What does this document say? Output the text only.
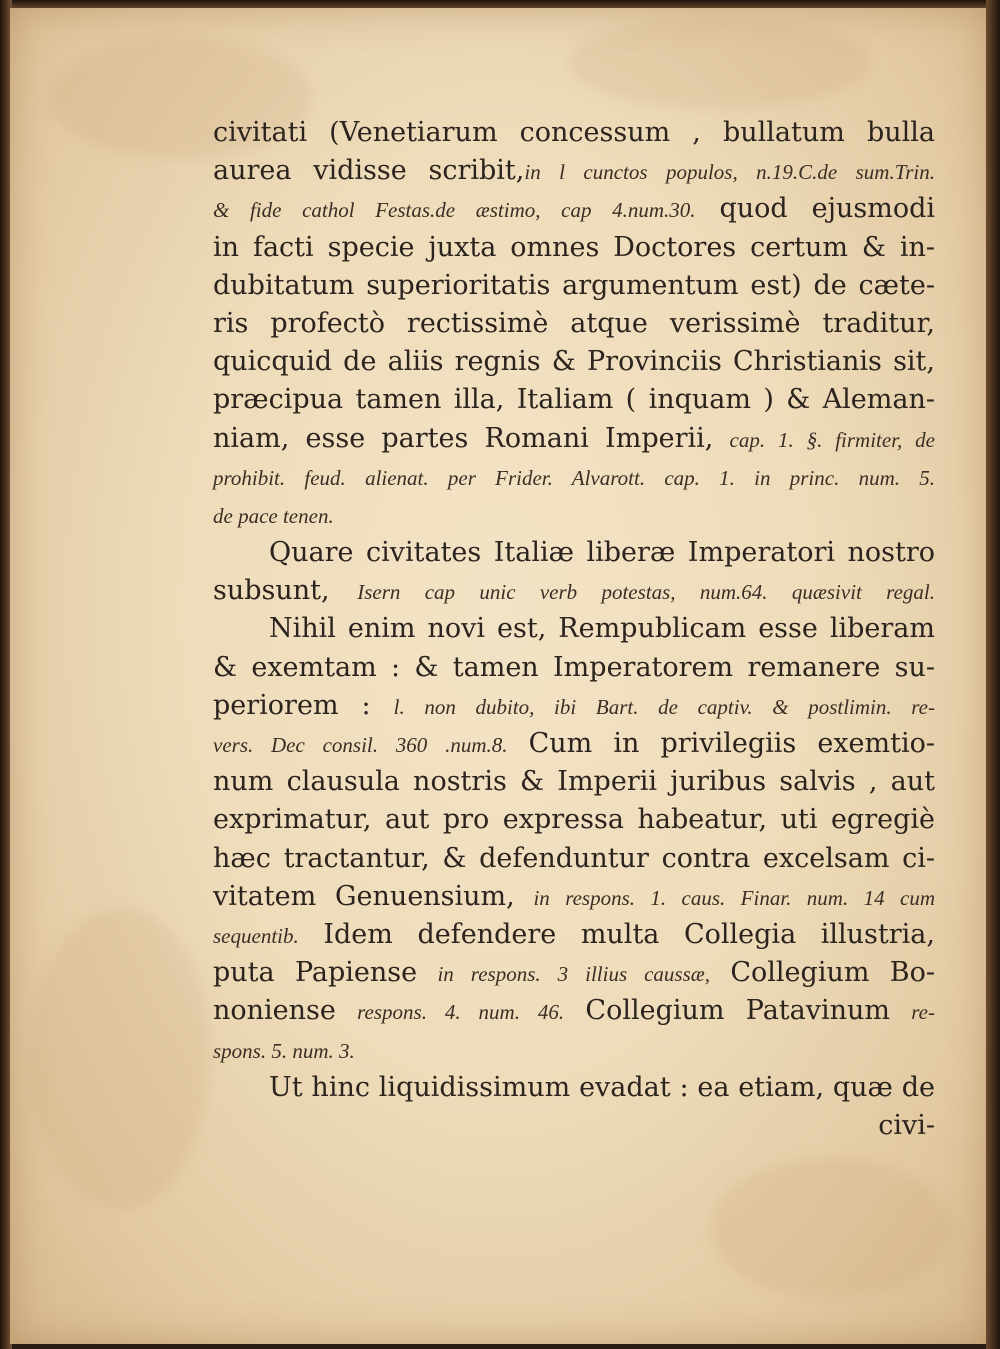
civitati (Venetiarum concessum , bullatum bulla
aurea vidisse scribit,in l cunctos populos, n.19.C.de sum.Trin.
& fide cathol Festas.de æstimo, cap 4.num.30. quod ejusmodi
in facti specie juxta omnes Doctores certum & in-
dubitatum superioritatis argumentum est) de cæte-
ris profectò rectissimè atque verissimè traditur,
quicquid de aliis regnis & Provinciis Christianis sit,
præcipua tamen illa, Italiam ( inquam ) & Aleman-
niam, esse partes Romani Imperii, cap. 1. §. firmiter, de
prohibit. feud. alienat. per Frider. Alvarott. cap. 1. in princ. num. 5.
de pace tenen.
Quare civitates Italiæ liberæ Imperatori nostro
subsunt, Isern cap unic verb potestas, num.64. quæsivit regal.
Nihil enim novi est, Rempublicam esse liberam
& exemtam : & tamen Imperatorem remanere su-
periorem : l. non dubito, ibi Bart. de captiv. & postlimin. re-
vers. Dec consil. 360 .num.8. Cum in privilegiis exemtio-
num clausula nostris & Imperii juribus salvis , aut
exprimatur, aut pro expressa habeatur, uti egregiè
hæc tractantur, & defenduntur contra excelsam ci-
vitatem Genuensium, in respons. 1. caus. Finar. num. 14 cum
sequentib. Idem defendere multa Collegia illustria,
puta Papiense in respons. 3 illius caussæ, Collegium Bo-
noniense respons. 4. num. 46. Collegium Patavinum re-
spons. 5. num. 3.
Ut hinc liquidissimum evadat : ea etiam, quæ de
civi-
